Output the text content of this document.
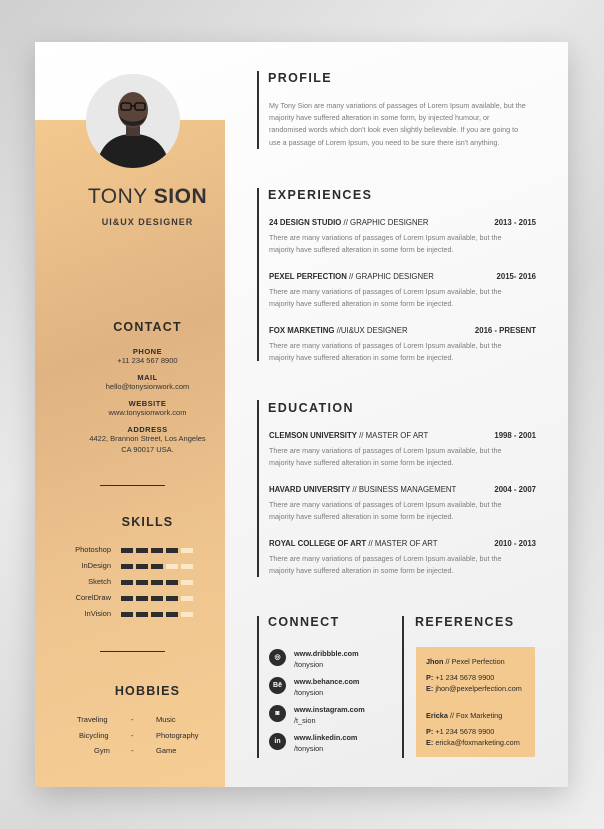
TONY SION
UI&UX DESIGNER
CONTACT
PHONE
+11 234 567 8900
MAIL
hello@tonysionwork.com
WEBSITE
www.tonysionwork.com
ADDRESS
4422, Brannon Street, Los Angeles
CA 90017 USA.
SKILLS
Photoshop
InDesign
Sketch
CorelDraw
InVision
HOBBIES
Traveling	-	Music
Bicycling	-	Photography
Gym	-	Game
PROFILE
My Tony Sion are many variations of passages of Lorem Ipsum available, but the
majority have suffered alteration in some form, by injected humour, or
randomised words which don't look even slightly believable. If you are going to
use a passage of Lorem Ipsum, you need to be sure there isn't anything.
EXPERIENCES
24 DESIGN STUDIO // GRAPHIC DESIGNER	2013 - 2015
There are many variations of passages of Lorem Ipsum available, but the
majority have suffered alteration in some form be injected.
PEXEL PERFECTION // GRAPHIC DESIGNER	2015- 2016
There are many variations of passages of Lorem Ipsum available, but the
majority have suffered alteration in some form be injected.
FOX MARKETING //UI&UX DESIGNER	2016 - PRESENT
There are many variations of passages of Lorem Ipsum available, but the
majority have suffered alteration in some form be injected.
EDUCATION
CLEMSON UNIVERSITY // MASTER OF ART	1998 - 2001
There are many variations of passages of Lorem Ipsum available, but the
majority have suffered alteration in some form be injected.
HAVARD UNIVERSITY // BUSINESS MANAGEMENT	2004 - 2007
There are many variations of passages of Lorem Ipsum available, but the
majority have suffered alteration in some form be injected.
ROYAL COLLEGE OF ART // MASTER OF ART	2010 - 2013
There are many variations of passages of Lorem Ipsum available, but the
majority have suffered alteration in some form be injected.
CONNECT
◎	www.dribbble.com
/tonysion
Bē	www.behance.com
/tonysion
◙	www.instagram.com
/t_sion
in	www.linkedin.com
/tonysion
REFERENCES
Jhon // Pexel Perfection
P: +1 234 5678 9900
E: jhon@pexelperfection.com
Ericka // Fox Marketing
P: +1 234 5678 9900
E: ericka@foxmarketing.com
